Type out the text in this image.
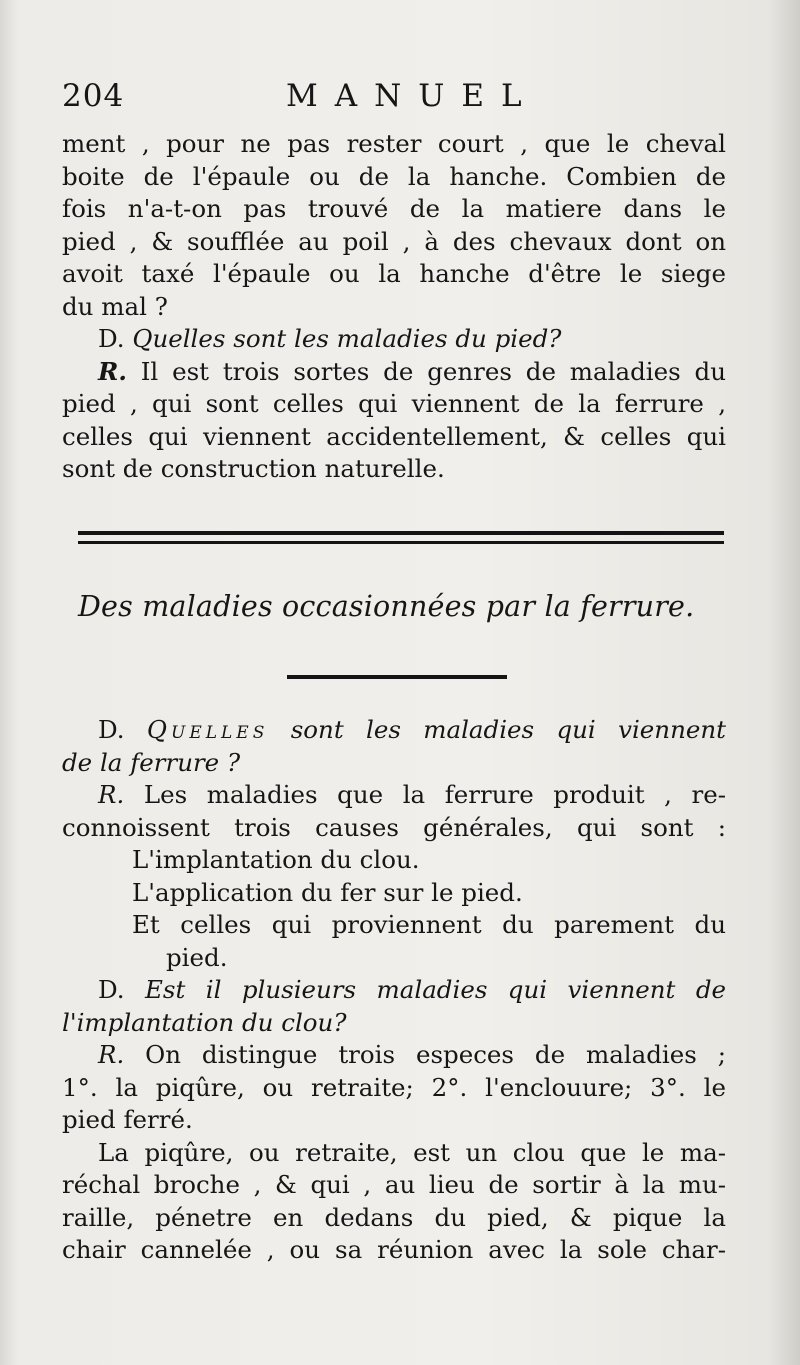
204	MANUEL
ment , pour ne pas rester court , que le cheval
boite de l'épaule ou de la hanche. Combien de
fois n'a-t-on pas trouvé de la matiere dans le
pied , & soufflée au poil , à des chevaux dont on
avoit taxé l'épaule ou la hanche d'être le siege
du mal ?
D. Quelles sont les maladies du pied?
R. Il est trois sortes de genres de maladies du
pied , qui sont celles qui viennent de la ferrure ,
celles qui viennent accidentellement, & celles qui
sont de construction naturelle.
Des maladies occasionnées par la ferrure.
D. Quelles sont les maladies qui viennent
de la ferrure ?
R. Les maladies que la ferrure produit , re-
connoissent trois causes générales, qui sont :
L'implantation du clou.
L'application du fer sur le pied.
Et celles qui proviennent du parement du
pied.
D. Est il plusieurs maladies qui viennent de
l'implantation du clou?
R. On distingue trois especes de maladies ;
1°. la piqûre, ou retraite; 2°. l'enclouure; 3°. le
pied ferré.
La piqûre, ou retraite, est un clou que le ma-
réchal broche , & qui , au lieu de sortir à la mu-
raille, pénetre en dedans du pied, & pique la
chair cannelée , ou sa réunion avec la sole char-
